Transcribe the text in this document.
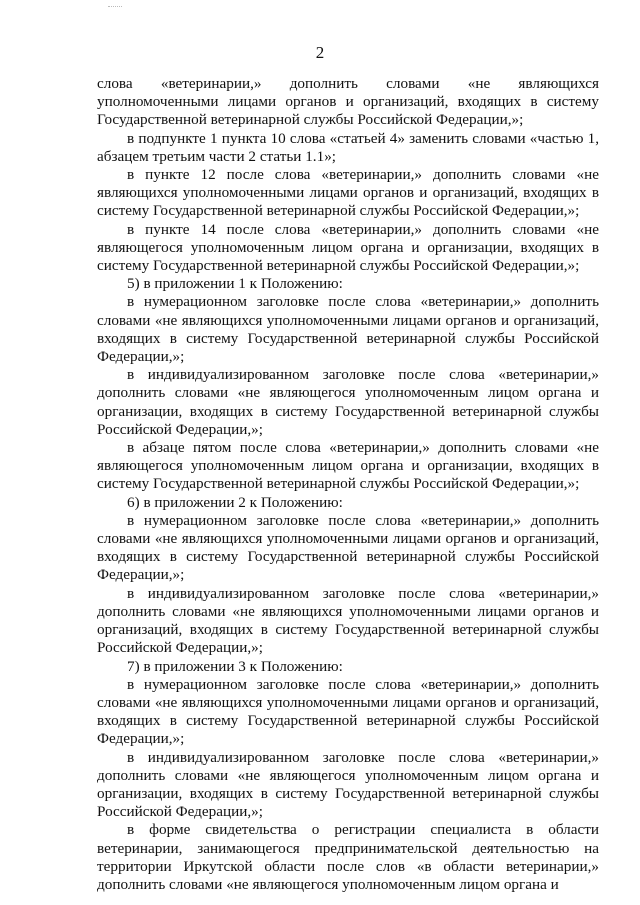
2

слова «ветеринарии,» дополнить словами «не являющихся уполномоченными лицами органов и организаций, входящих в систему Государственной ветеринарной службы Российской Федерации,»;

в подпункте 1 пункта 10 слова «статьей 4» заменить словами «частью 1, абзацем третьим части 2 статьи 1.1»;

в пункте 12 после слова «ветеринарии,» дополнить словами «не являющихся уполномоченными лицами органов и организаций, входящих в систему Государственной ветеринарной службы Российской Федерации,»;

в пункте 14 после слова «ветеринарии,» дополнить словами «не являющегося уполномоченным лицом органа и организации, входящих в систему Государственной ветеринарной службы Российской Федерации,»;

5) в приложении 1 к Положению:

в нумерационном заголовке после слова «ветеринарии,» дополнить словами «не являющихся уполномоченными лицами органов и организаций, входящих в систему Государственной ветеринарной службы Российской Федерации,»;

в индивидуализированном заголовке после слова «ветеринарии,» дополнить словами «не являющегося уполномоченным лицом органа и организации, входящих в систему Государственной ветеринарной службы Российской Федерации,»;

в абзаце пятом после слова «ветеринарии,» дополнить словами «не являющегося уполномоченным лицом органа и организации, входящих в систему Государственной ветеринарной службы Российской Федерации,»;

6) в приложении 2 к Положению:

в нумерационном заголовке после слова «ветеринарии,» дополнить словами «не являющихся уполномоченными лицами органов и организаций, входящих в систему Государственной ветеринарной службы Российской Федерации,»;

в индивидуализированном заголовке после слова «ветеринарии,» дополнить словами «не являющихся уполномоченными лицами органов и организаций, входящих в систему Государственной ветеринарной службы Российской Федерации,»;

7) в приложении 3 к Положению:

в нумерационном заголовке после слова «ветеринарии,» дополнить словами «не являющихся уполномоченными лицами органов и организаций, входящих в систему Государственной ветеринарной службы Российской Федерации,»;

в индивидуализированном заголовке после слова «ветеринарии,» дополнить словами «не являющегося уполномоченным лицом органа и организации, входящих в систему Государственной ветеринарной службы Российской Федерации,»;

в форме свидетельства о регистрации специалиста в области ветеринарии, занимающегося предпринимательской деятельностью на территории Иркутской области после слов «в области ветеринарии,» дополнить словами «не являющегося уполномоченным лицом органа и
